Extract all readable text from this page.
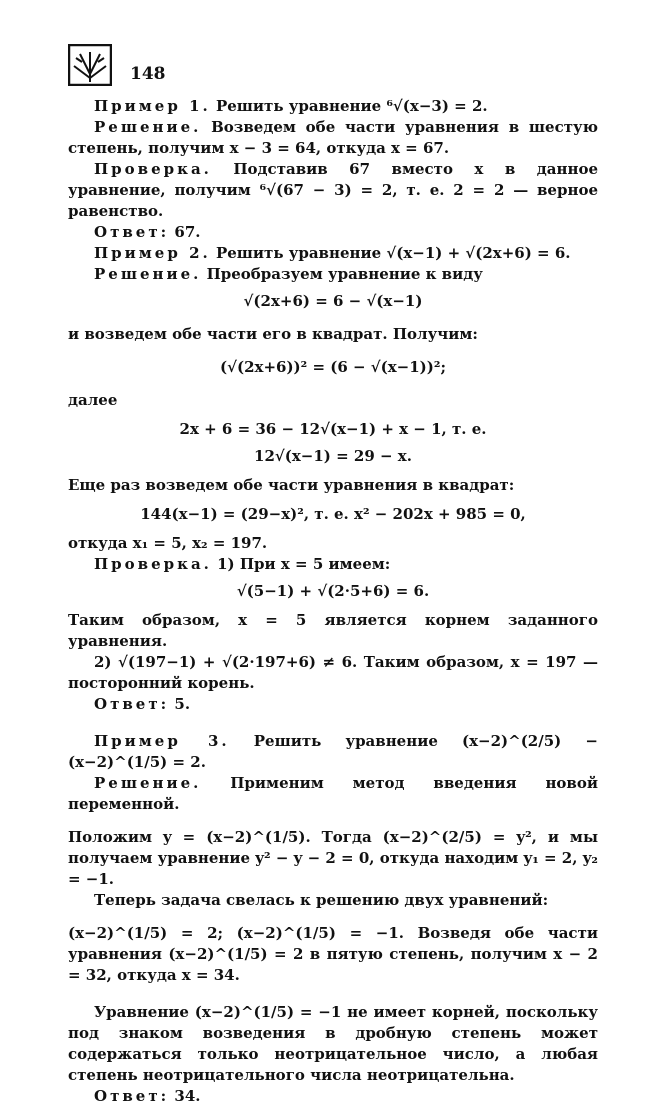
148

Пример 1. Решить уравнение ⁶√(x−3) = 2.

Решение. Возведем обе части уравнения в шестую степень, получим x − 3 = 64, откуда x = 67.

Проверка. Подставив 67 вместо x в данное уравнение, получим ⁶√(67 − 3) = 2, т. е. 2 = 2 — верное равенство.

Ответ: 67.

Пример 2. Решить уравнение √(x−1) + √(2x+6) = 6.

Решение. Преобразуем уравнение к виду

√(2x+6) = 6 − √(x−1)

и возведем обе части его в квадрат. Получим:

(√(2x+6))² = (6 − √(x−1))²;

далее

2x + 6 = 36 − 12√(x−1) + x − 1, т. е.

12√(x−1) = 29 − x.

Еще раз возведем обе части уравнения в квадрат:

144(x−1) = (29−x)², т. е. x² − 202x + 985 = 0,

откуда x₁ = 5, x₂ = 197.

Проверка. 1) При x = 5 имеем:

√(5−1) + √(2·5+6) = 6.

Таким образом, x = 5 является корнем заданного уравнения.

2) √(197−1) + √(2·197+6) ≠ 6. Таким образом, x = 197 — посторонний корень.

Ответ: 5.

Пример 3. Решить уравнение (x−2)^(2/5) − (x−2)^(1/5) = 2.

Решение. Применим метод введения новой переменной.

Положим y = (x−2)^(1/5). Тогда (x−2)^(2/5) = y², и мы получаем уравнение y² − y − 2 = 0, откуда находим y₁ = 2, y₂ = −1.

Теперь задача свелась к решению двух уравнений:

(x−2)^(1/5) = 2; (x−2)^(1/5) = −1. Возведя обе части уравнения (x−2)^(1/5) = 2 в пятую степень, получим x − 2 = 32, откуда x = 34.

Уравнение (x−2)^(1/5) = −1 не имеет корней, поскольку под знаком возведения в дробную степень может содержаться только неотрицательное число, а любая степень неотрицательного числа неотрицательна.

Ответ: 34.
